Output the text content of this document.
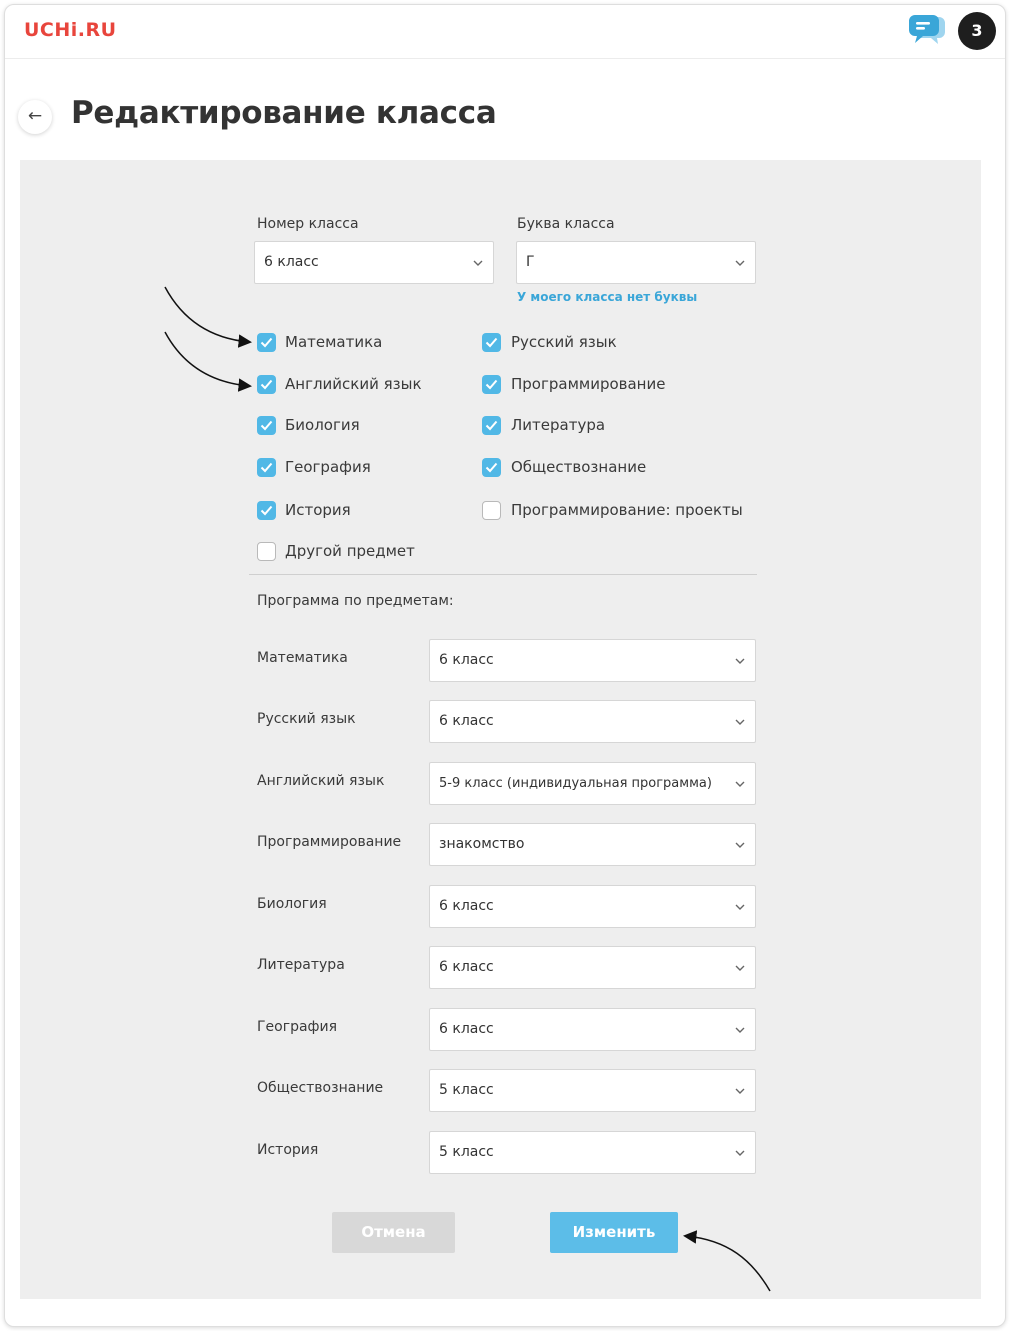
UCHi.RU	3
← Редактирование класса
Номер класса
6 класс
Буква класса
Г
У моего класса нет буквы
Математика	Русский язык
Английский язык	Программирование
Биология	Литература
География	Обществознание
История	Программирование: проекты
Другой предмет
Программа по предметам:
Математика	6 класс
Русский язык	6 класс
Английский язык	5-9 класс (индивидуальная программа)
Программирование	знакомство
Биология	6 класс
Литература	6 класс
География	6 класс
Обществознание	5 класс
История	5 класс
Отмена	Изменить
